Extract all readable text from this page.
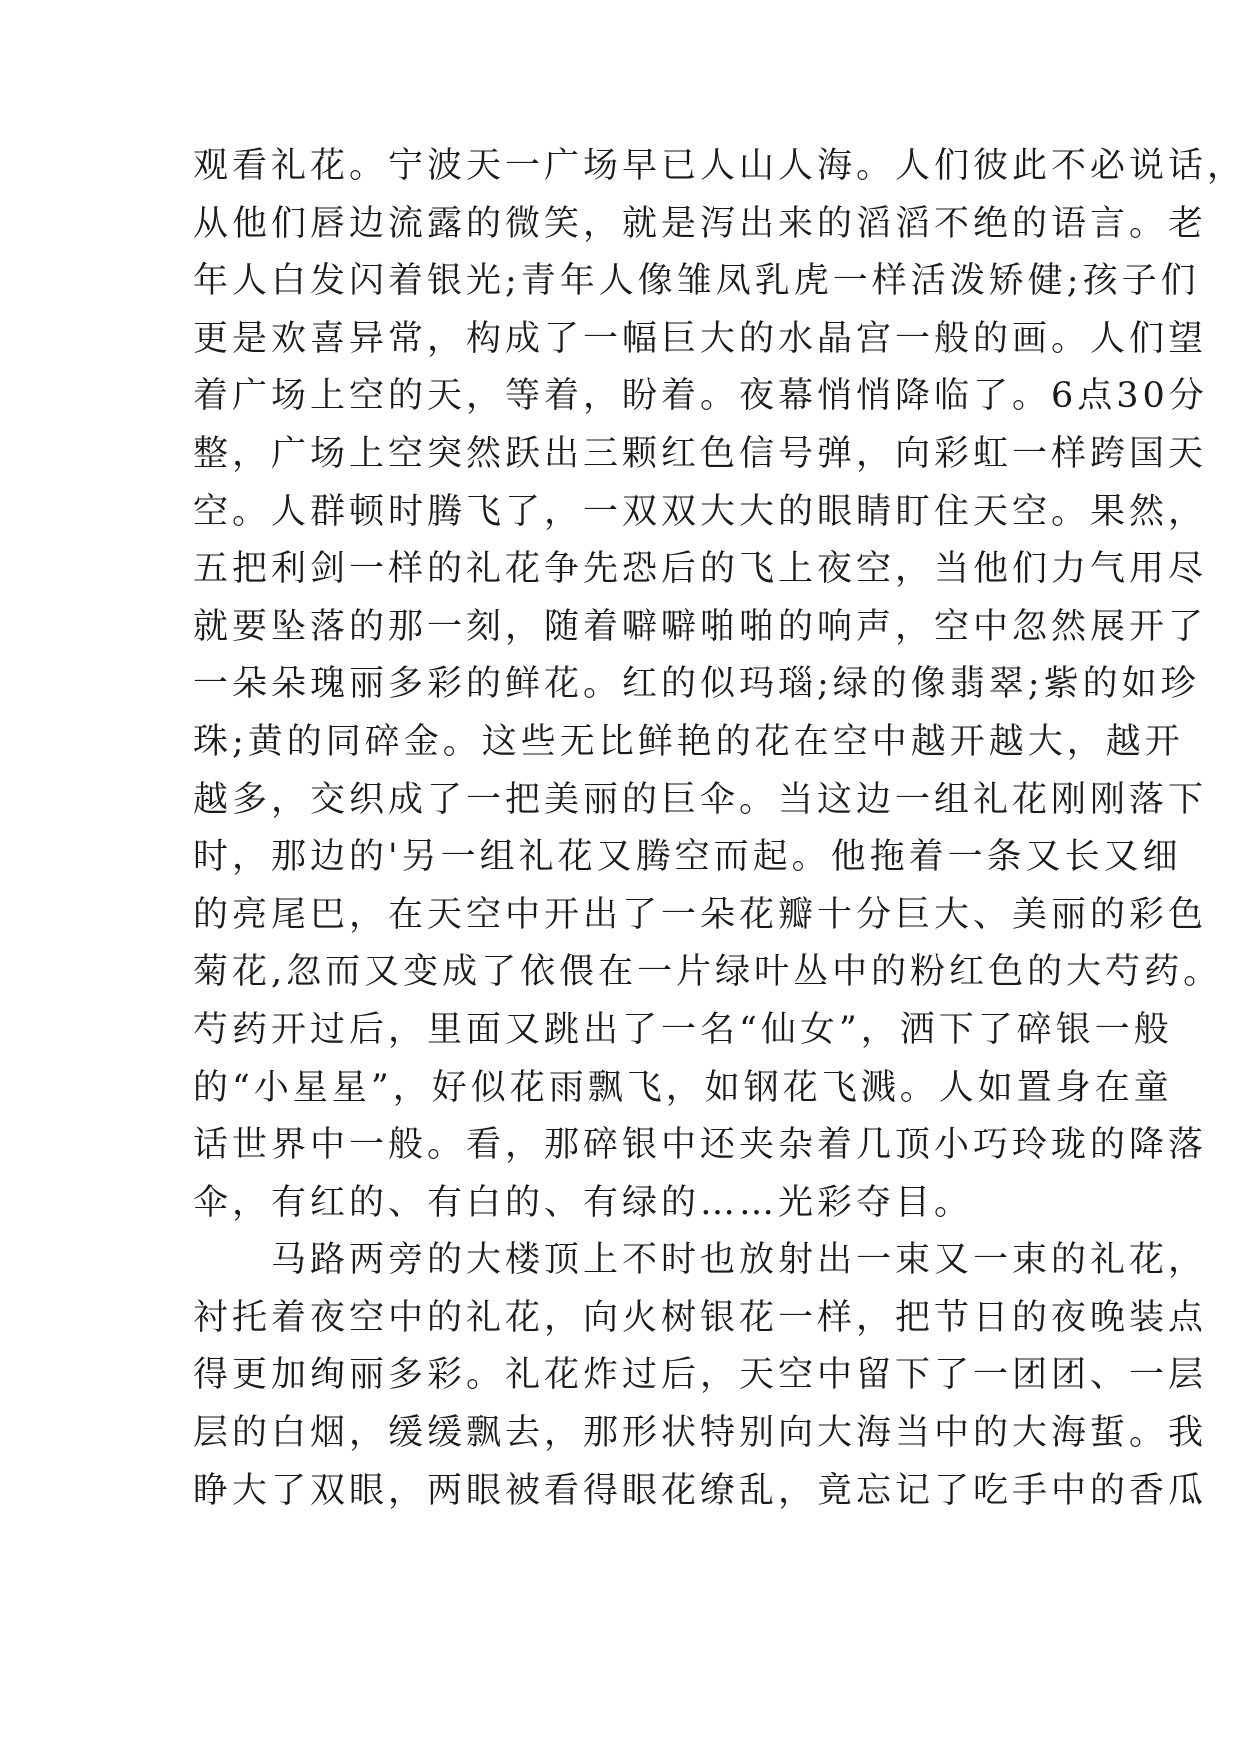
观看礼花。宁波天一广场早已人山人海。人们彼此不必说话，
从他们唇边流露的微笑，就是泻出来的滔滔不绝的语言。老
年人白发闪着银光;青年人像雏凤乳虎一样活泼矫健;孩子们
更是欢喜异常，构成了一幅巨大的水晶宫一般的画。人们望
着广场上空的天，等着，盼着。夜幕悄悄降临了。6点30分
整，广场上空突然跃出三颗红色信号弹，向彩虹一样跨国天
空。人群顿时腾飞了，一双双大大的眼睛盯住天空。果然，
五把利剑一样的礼花争先恐后的飞上夜空，当他们力气用尽
就要坠落的那一刻，随着噼噼啪啪的响声，空中忽然展开了
一朵朵瑰丽多彩的鲜花。红的似玛瑙;绿的像翡翠;紫的如珍
珠;黄的同碎金。这些无比鲜艳的花在空中越开越大，越开
越多，交织成了一把美丽的巨伞。当这边一组礼花刚刚落下
时，那边的'另一组礼花又腾空而起。他拖着一条又长又细
的亮尾巴，在天空中开出了一朵花瓣十分巨大、美丽的彩色
菊花,忽而又变成了依偎在一片绿叶丛中的粉红色的大芍药。
芍药开过后，里面又跳出了一名“仙女”，洒下了碎银一般
的“小星星”，好似花雨飘飞，如钢花飞溅。人如置身在童
话世界中一般。看，那碎银中还夹杂着几顶小巧玲珑的降落
伞，有红的、有白的、有绿的……光彩夺目。
马路两旁的大楼顶上不时也放射出一束又一束的礼花，
衬托着夜空中的礼花，向火树银花一样，把节日的夜晚装点
得更加绚丽多彩。礼花炸过后，天空中留下了一团团、一层
层的白烟，缓缓飘去，那形状特别向大海当中的大海蜇。我
睁大了双眼，两眼被看得眼花缭乱，竟忘记了吃手中的香瓜
